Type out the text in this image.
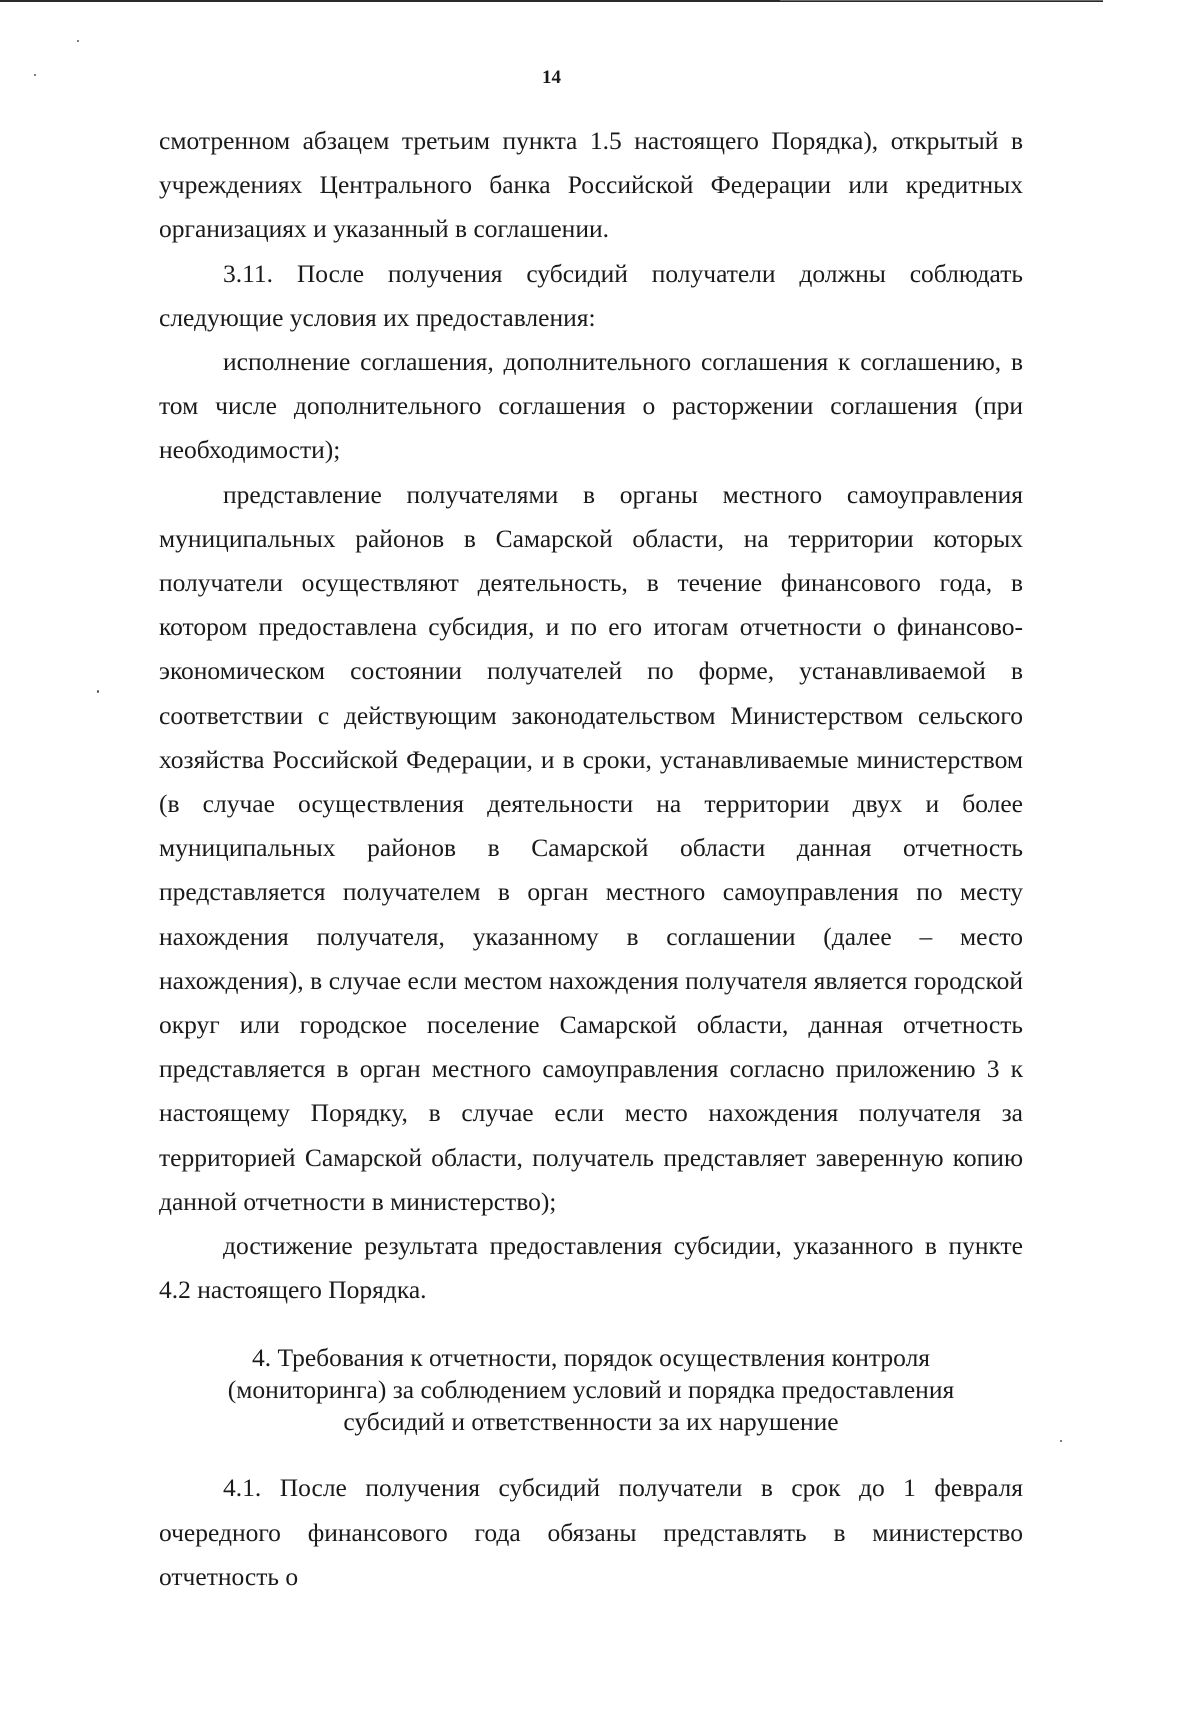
14

смотренном абзацем третьим пункта 1.5 настоящего Порядка), открытый в учреждениях Центрального банка Российской Федерации или кредитных организациях и указанный в соглашении.

3.11. После получения субсидий получатели должны соблюдать следующие условия их предоставления:

исполнение соглашения, дополнительного соглашения к соглашению, в том числе дополнительного соглашения о расторжении соглашения (при необходимости);

представление получателями в органы местного самоуправления муниципальных районов в Самарской области, на территории которых получатели осуществляют деятельность, в течение финансового года, в котором предоставлена субсидия, и по его итогам отчетности о финансово-экономическом состоянии получателей по форме, устанавливаемой в соответствии с действующим законодательством Министерством сельского хозяйства Российской Федерации, и в сроки, устанавливаемые министерством (в случае осуществления деятельности на территории двух и более муниципальных районов в Самарской области данная отчетность представляется получателем в орган местного самоуправления по месту нахождения получателя, указанному в соглашении (далее – место нахождения), в случае если местом нахождения получателя является городской округ или городское поселение Самарской области, данная отчетность представляется в орган местного самоуправления согласно приложению 3 к настоящему Порядку, в случае если место нахождения получателя за территорией Самарской области, получатель представляет заверенную копию данной отчетности в министерство);

достижение результата предоставления субсидии, указанного в пункте 4.2 настоящего Порядка.

4. Требования к отчетности, порядок осуществления контроля
(мониторинга) за соблюдением условий и порядка предоставления
субсидий и ответственности за их нарушение

4.1. После получения субсидий получатели в срок до 1 февраля очередного финансового года обязаны представлять в министерство отчетность о
